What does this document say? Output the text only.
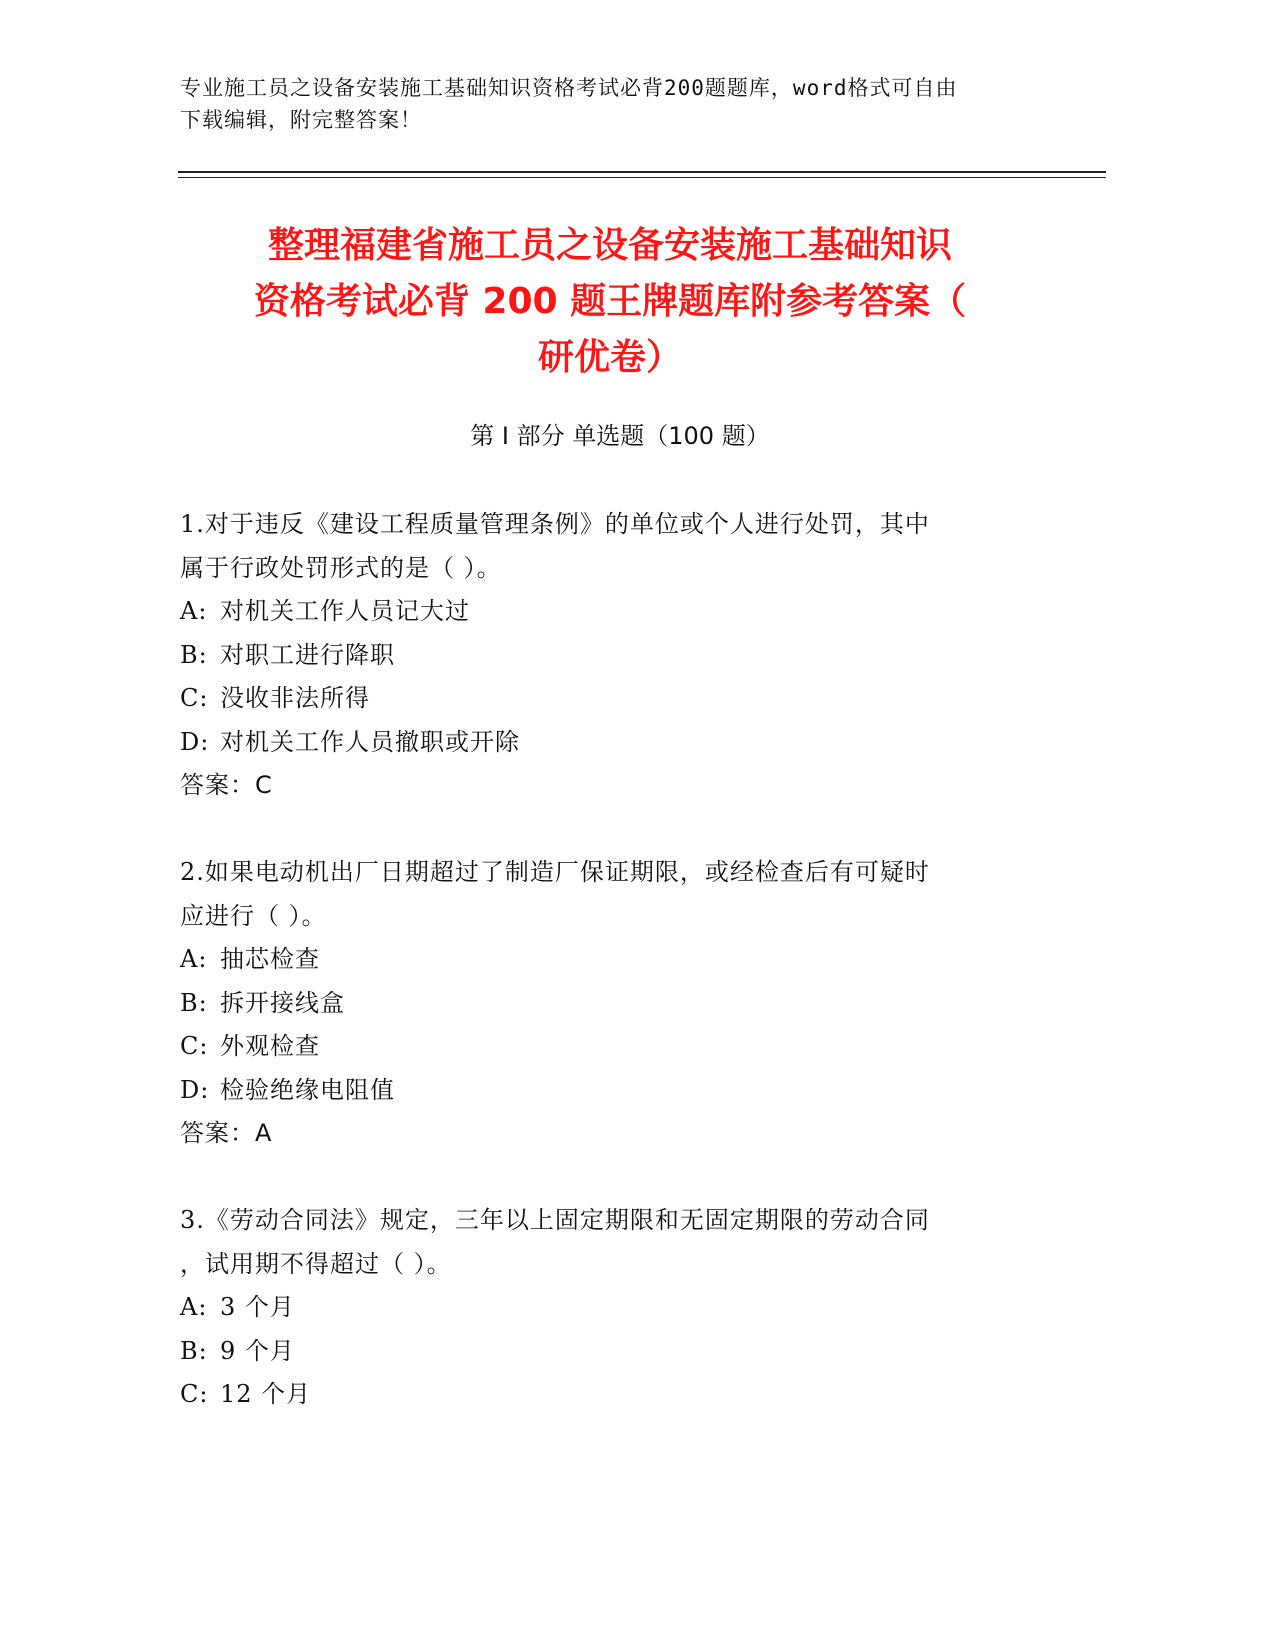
专业施工员之设备安装施工基础知识资格考试必背200题题库，word格式可自由
下载编辑，附完整答案！
整理福建省施工员之设备安装施工基础知识
资格考试必背 200 题王牌题库附参考答案（
研优卷）
第 I 部分 单选题（100 题）
1.对于违反《建设工程质量管理条例》的单位或个人进行处罚，其中
属于行政处罚形式的是（ ）。
A: 对机关工作人员记大过
B: 对职工进行降职
C: 没收非法所得
D: 对机关工作人员撤职或开除
答案：C
2.如果电动机出厂日期超过了制造厂保证期限，或经检查后有可疑时
应进行（ ）。
A: 抽芯检查
B: 拆开接线盒
C: 外观检查
D: 检验绝缘电阻值
答案：A
3.《劳动合同法》规定，三年以上固定期限和无固定期限的劳动合同
，试用期不得超过（ ）。
A: 3 个月
B: 9 个月
C: 12 个月
